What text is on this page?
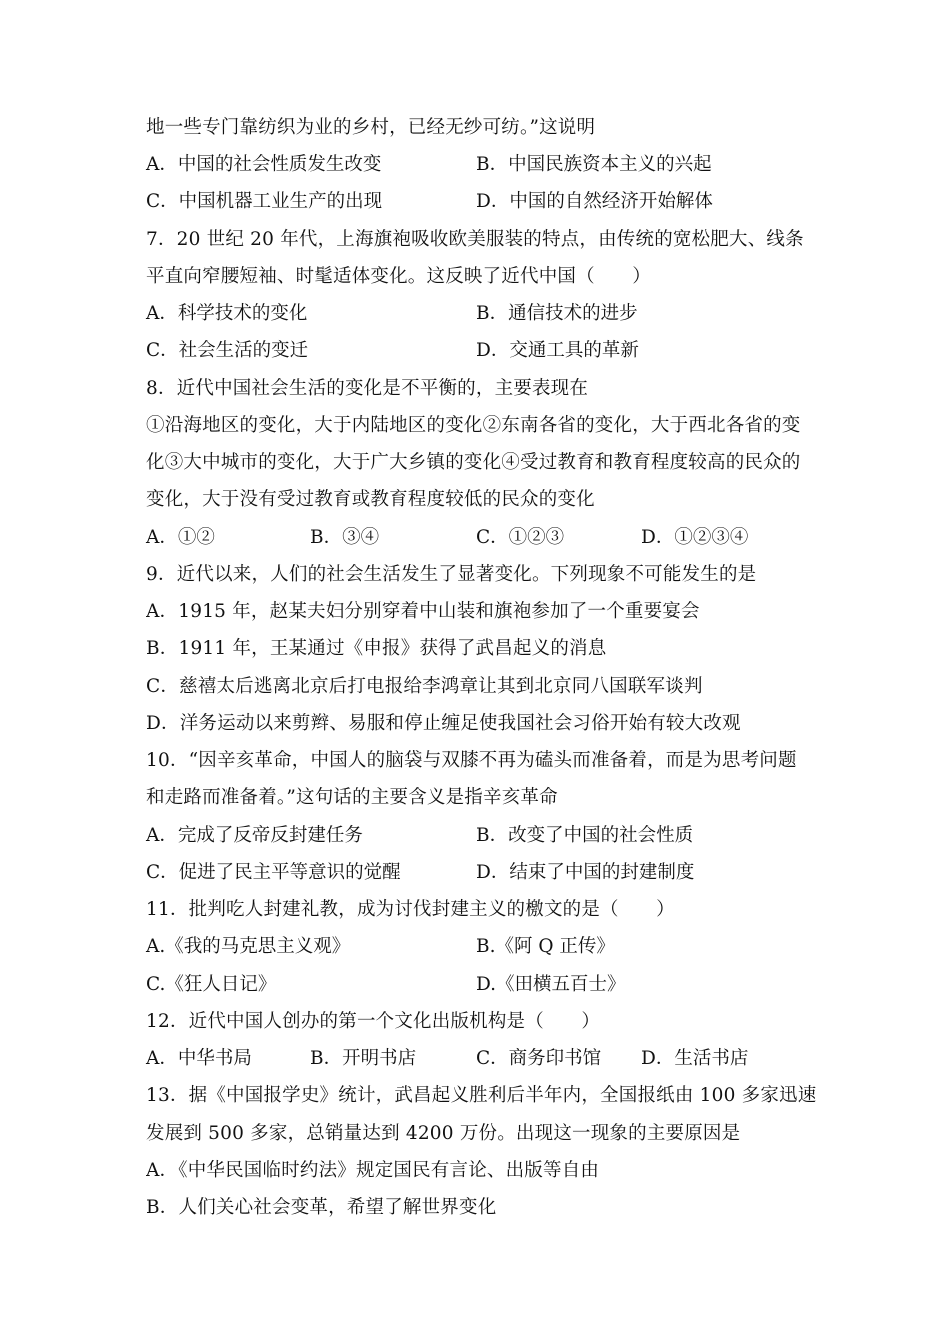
地一些专门靠纺织为业的乡村，已经无纱可纺。”这说明
A．中国的社会性质发生改变	B．中国民族资本主义的兴起
C．中国机器工业生产的出现	D．中国的自然经济开始解体
7．20 世纪 20 年代，上海旗袍吸收欧美服装的特点，由传统的宽松肥大、线条
平直向窄腰短袖、时髦适体变化。这反映了近代中国（　　）
A．科学技术的变化	B．通信技术的进步
C．社会生活的变迁	D．交通工具的革新
8．近代中国社会生活的变化是不平衡的，主要表现在
①沿海地区的变化，大于内陆地区的变化②东南各省的变化，大于西北各省的变
化③大中城市的变化，大于广大乡镇的变化④受过教育和教育程度较高的民众的
变化，大于没有受过教育或教育程度较低的民众的变化
A．①②	B．③④	C．①②③	D．①②③④
9．近代以来，人们的社会生活发生了显著变化。下列现象不可能发生的是
A．1915 年，赵某夫妇分别穿着中山装和旗袍参加了一个重要宴会
B．1911 年，王某通过《申报》获得了武昌起义的消息
C．慈禧太后逃离北京后打电报给李鸿章让其到北京同八国联军谈判
D．洋务运动以来剪辫、易服和停止缠足使我国社会习俗开始有较大改观
10．“因辛亥革命，中国人的脑袋与双膝不再为磕头而准备着，而是为思考问题
和走路而准备着。”这句话的主要含义是指辛亥革命
A．完成了反帝反封建任务	B．改变了中国的社会性质
C．促进了民主平等意识的觉醒	D．结束了中国的封建制度
11．批判吃人封建礼教，成为讨伐封建主义的檄文的是（　　）
A.《我的马克思主义观》	B.《阿 Q 正传》
C.《狂人日记》	D.《田横五百士》
12．近代中国人创办的第一个文化出版机构是（　　）
A．中华书局	B．开明书店	C．商务印书馆 D．生活书店
13．据《中国报学史》统计，武昌起义胜利后半年内，全国报纸由 100 多家迅速
发展到 500 多家，总销量达到 4200 万份。出现这一现象的主要原因是
A．《中华民国临时约法》规定国民有言论、出版等自由
B．人们关心社会变革，希望了解世界变化
